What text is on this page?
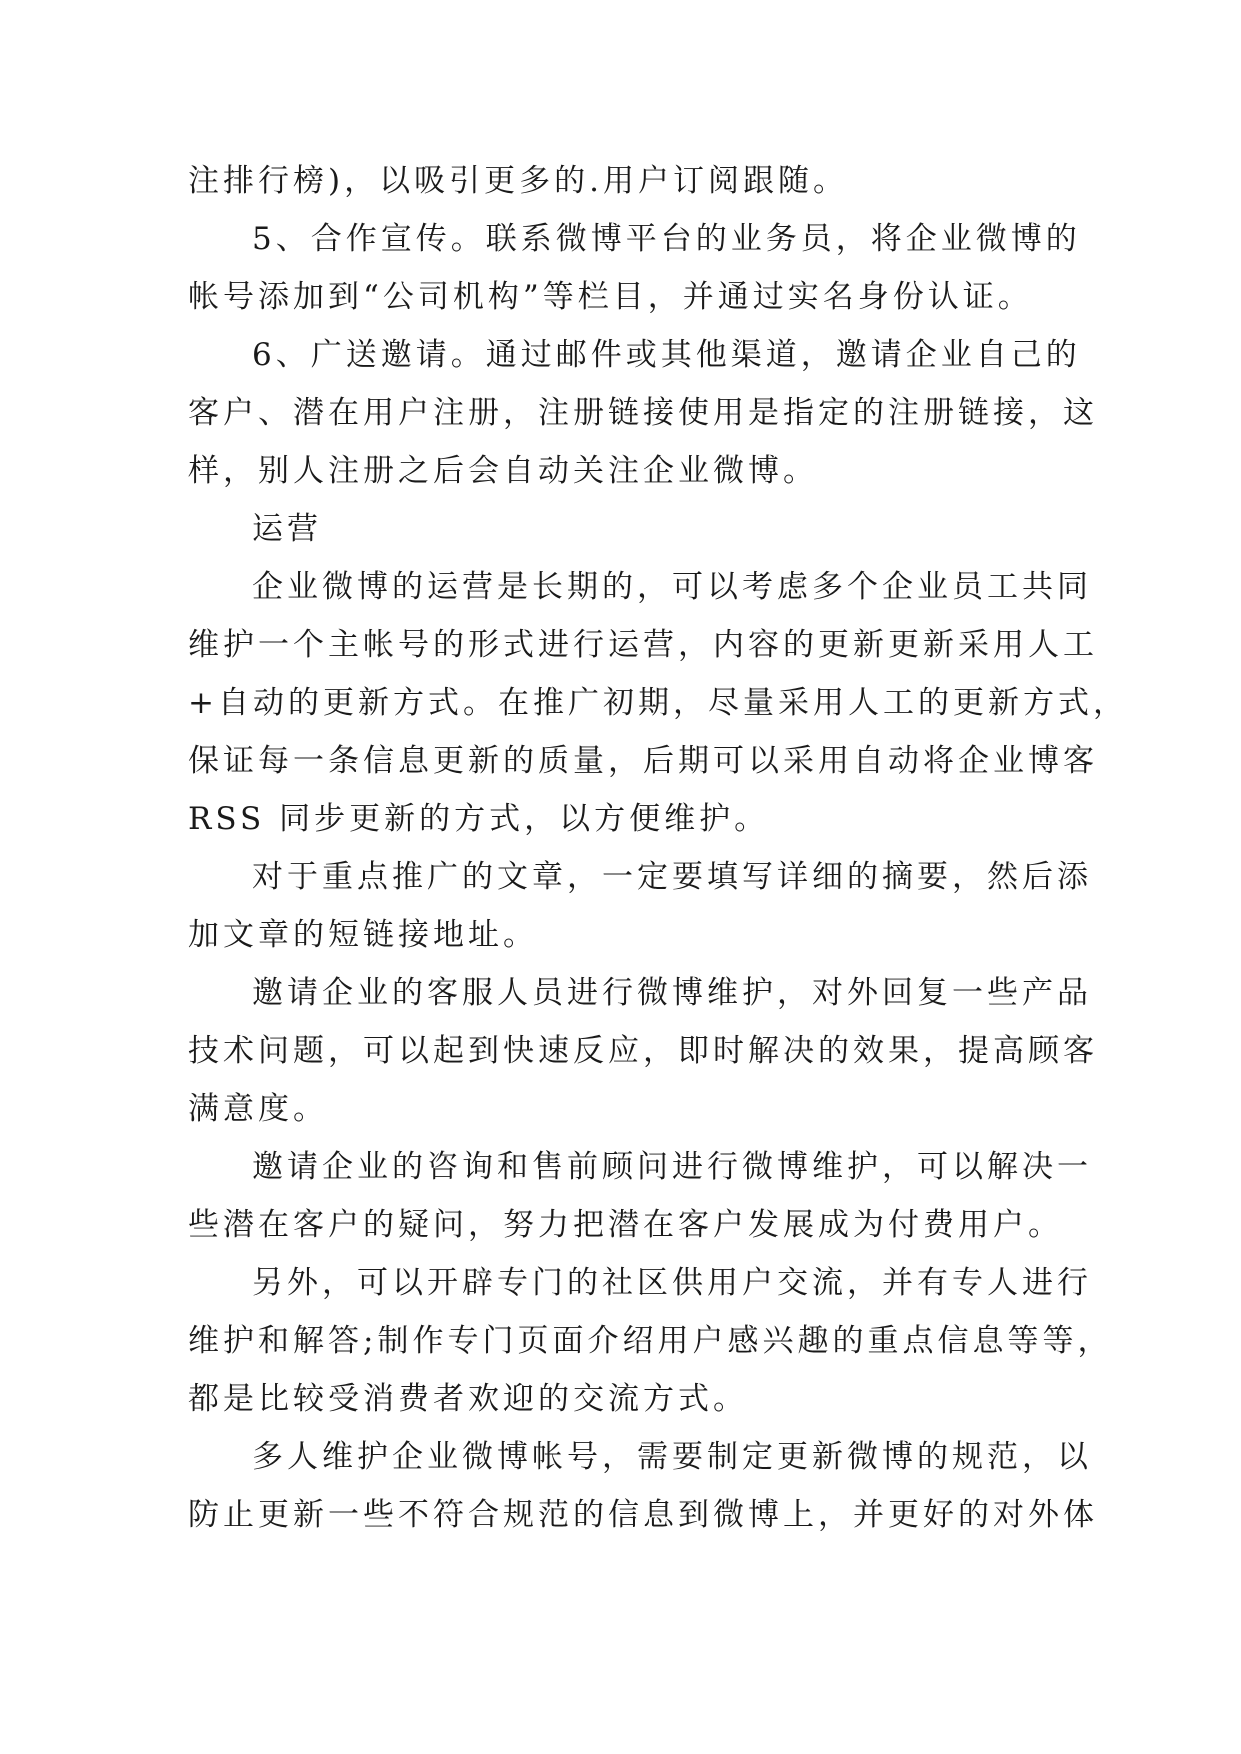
注排行榜)，以吸引更多的.用户订阅跟随。
5、合作宣传。联系微博平台的业务员，将企业微博的
帐号添加到“公司机构”等栏目，并通过实名身份认证。
6、广送邀请。通过邮件或其他渠道，邀请企业自己的
客户、潜在用户注册，注册链接使用是指定的注册链接，这
样，别人注册之后会自动关注企业微博。
运营
企业微博的运营是长期的，可以考虑多个企业员工共同
维护一个主帐号的形式进行运营，内容的更新更新采用人工
+自动的更新方式。在推广初期，尽量采用人工的更新方式，
保证每一条信息更新的质量，后期可以采用自动将企业博客
RSS 同步更新的方式，以方便维护。
对于重点推广的文章，一定要填写详细的摘要，然后添
加文章的短链接地址。
邀请企业的客服人员进行微博维护，对外回复一些产品
技术问题，可以起到快速反应，即时解决的效果，提高顾客
满意度。
邀请企业的咨询和售前顾问进行微博维护，可以解决一
些潜在客户的疑问，努力把潜在客户发展成为付费用户。
另外，可以开辟专门的社区供用户交流，并有专人进行
维护和解答;制作专门页面介绍用户感兴趣的重点信息等等，
都是比较受消费者欢迎的交流方式。
多人维护企业微博帐号，需要制定更新微博的规范，以
防止更新一些不符合规范的信息到微博上，并更好的对外体
